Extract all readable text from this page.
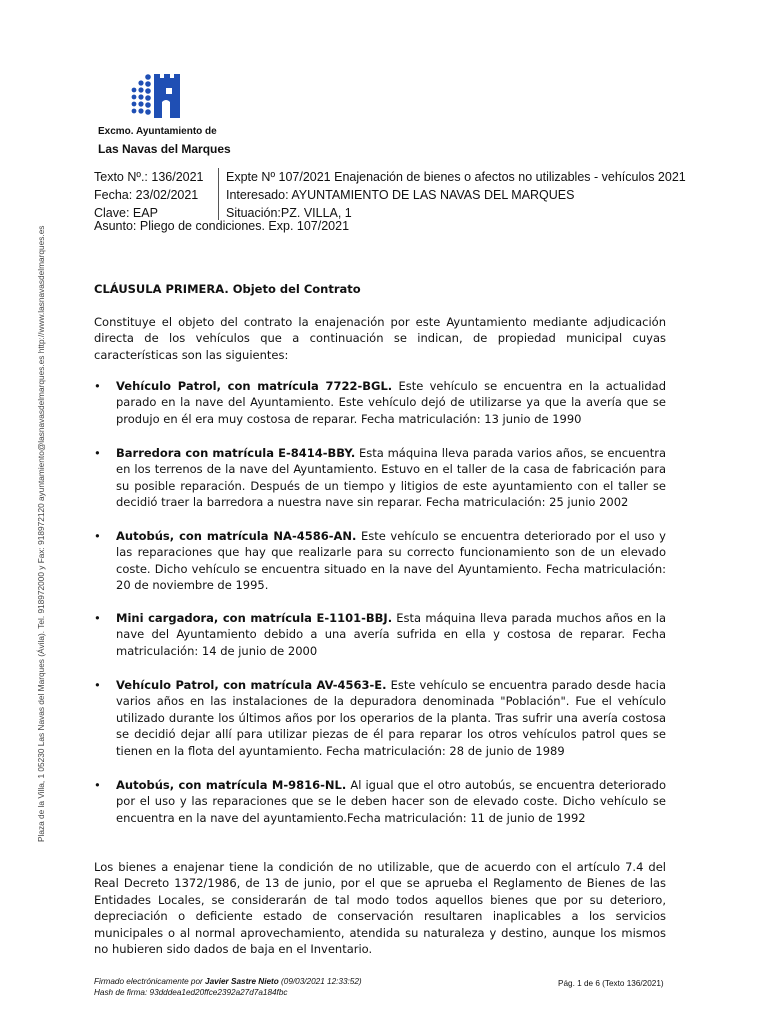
Excmo. Ayuntamiento de
Las Navas del Marques
Texto Nº.: 136/2021
Fecha: 23/02/2021
Clave: EAP
Expte Nº 107/2021 Enajenación de bienes o afectos no utilizables - vehículos 2021
Interesado: AYUNTAMIENTO DE LAS NAVAS DEL MARQUES
Situación:PZ. VILLA, 1
Asunto: Pliego de condiciones. Exp. 107/2021
Plaza de la Villa, 1 05230 Las Navas del Marques (Ávila). Tel. 918972000 y Fax: 918972120 ayuntamiento@lasnavasdelmarques.es http://www.lasnavasdelmarques.es	CLÁUSULA PRIMERA. Objeto del Contrato
Constituye el objeto del contrato la enajenación por este Ayuntamiento mediante adjudicación directa de los vehículos que a continuación se indican, de propiedad municipal cuyas características son las siguientes:
• Vehículo Patrol, con matrícula 7722-BGL. Este vehículo se encuentra en la actualidad parado en la nave del Ayuntamiento. Este vehículo dejó de utilizarse ya que la avería que se produjo en él era muy costosa de reparar. Fecha matriculación: 13 junio de 1990
• Barredora con matrícula E-8414-BBY. Esta máquina lleva parada varios años, se encuentra en los terrenos de la nave del Ayuntamiento. Estuvo en el taller de la casa de fabricación para su posible reparación. Después de un tiempo y litigios de este ayuntamiento con el taller se decidió traer la barredora a nuestra nave sin reparar. Fecha matriculación: 25 junio 2002
• Autobús, con matrícula NA-4586-AN. Este vehículo se encuentra deteriorado por el uso y las reparaciones que hay que realizarle para su correcto funcionamiento son de un elevado coste. Dicho vehículo se encuentra situado en la nave del Ayuntamiento. Fecha matriculación: 20 de noviembre de 1995.
• Mini cargadora, con matrícula E-1101-BBJ. Esta máquina lleva parada muchos años en la nave del Ayuntamiento debido a una avería sufrida en ella y costosa de reparar. Fecha matriculación: 14 de junio de 2000
• Vehículo Patrol, con matrícula AV-4563-E. Este vehículo se encuentra parado desde hacia varios años en las instalaciones de la depuradora denominada "Población". Fue el vehículo utilizado durante los últimos años por los operarios de la planta. Tras sufrir una avería costosa se decidió dejar allí para utilizar piezas de él para reparar los otros vehículos patrol ques se tienen en la flota del ayuntamiento. Fecha matriculación: 28 de junio de 1989
• Autobús, con matrícula M-9816-NL. Al igual que el otro autobús, se encuentra deteriorado por el uso y las reparaciones que se le deben hacer son de elevado coste. Dicho vehículo se encuentra en la nave del ayuntamiento.Fecha matriculación: 11 de junio de 1992
Los bienes a enajenar tiene la condición de no utilizable, que de acuerdo con el artículo 7.4 del Real Decreto 1372/1986, de 13 de junio, por el que se aprueba el Reglamento de Bienes de las Entidades Locales, se considerarán de tal modo todos aquellos bienes que por su deterioro, depreciación o deficiente estado de conservación resultaren inaplicables a los servicios municipales o al normal aprovechamiento, atendida su naturaleza y destino, aunque los mismos no hubieren sido dados de baja en el Inventario.
Firmado electrónicamente por Javier Sastre Nieto (09/03/2021 12:33:52)
Hash de firma: 93dddea1ed20ffce2392a27d7a184fbc
Pág. 1 de 6 (Texto 136/2021)
